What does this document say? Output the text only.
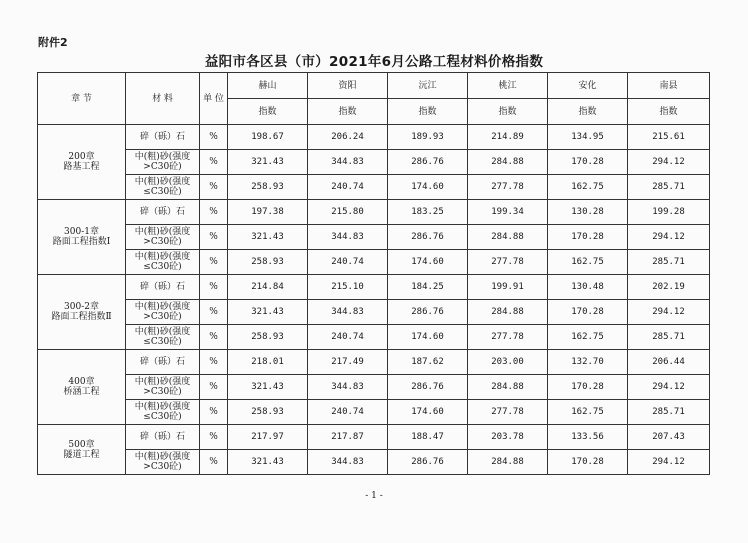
附件2
益阳市各区县（市）2021年6月公路工程材料价格指数
章 节	材 料	单 位	赫山	资阳	沅江	桃江	安化	南县
			指数	指数	指数	指数	指数	指数
200章
路基工程	碎（砾）石	%	198.67	206.24	189.93	214.89	134.95	215.61
	中(粗)砂(强度
>C30砼)	%	321.43	344.83	286.76	284.88	170.28	294.12
	中(粗)砂(强度
≤C30砼)	%	258.93	240.74	174.60	277.78	162.75	285.71
300-1章
路面工程指数Ⅰ	碎（砾）石	%	197.38	215.80	183.25	199.34	130.28	199.28
	中(粗)砂(强度
>C30砼)	%	321.43	344.83	286.76	284.88	170.28	294.12
	中(粗)砂(强度
≤C30砼)	%	258.93	240.74	174.60	277.78	162.75	285.71
300-2章
路面工程指数Ⅱ	碎（砾）石	%	214.84	215.10	184.25	199.91	130.48	202.19
	中(粗)砂(强度
>C30砼)	%	321.43	344.83	286.76	284.88	170.28	294.12
	中(粗)砂(强度
≤C30砼)	%	258.93	240.74	174.60	277.78	162.75	285.71
400章
桥涵工程	碎（砾）石	%	218.01	217.49	187.62	203.00	132.70	206.44
	中(粗)砂(强度
>C30砼)	%	321.43	344.83	286.76	284.88	170.28	294.12
	中(粗)砂(强度
≤C30砼)	%	258.93	240.74	174.60	277.78	162.75	285.71
500章
隧道工程	碎（砾）石	%	217.97	217.87	188.47	203.78	133.56	207.43
	中(粗)砂(强度
>C30砼)	%	321.43	344.83	286.76	284.88	170.28	294.12
- 1 -
